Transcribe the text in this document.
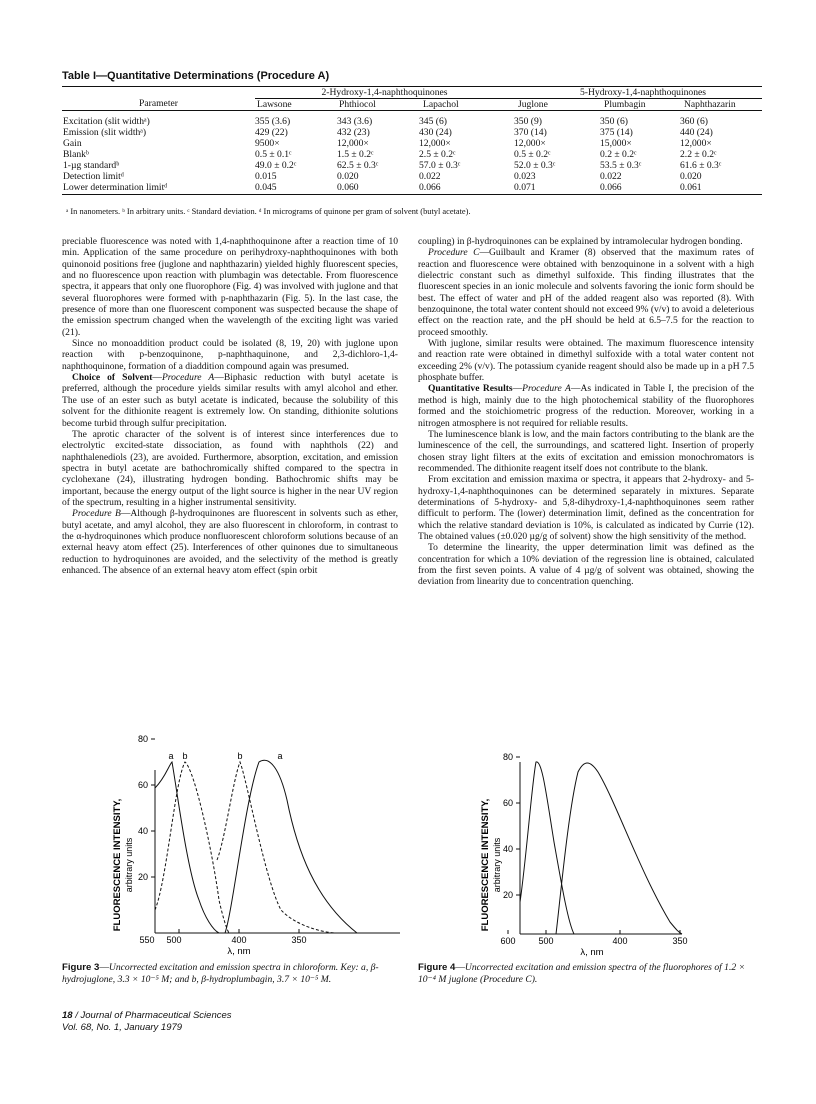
Table I—Quantitative Determinations (Procedure A)
Parameter	2-Hydroxy-1,4-naphthoquinones			5-Hydroxy-1,4-naphthoquinones		
	Lawsone	Phthiocol	Lapachol	Juglone	Plumbagin	Naphthazarin
Excitation (slit widthᵃ)	355 (3.6)	343 (3.6)	345 (6)	350 (9)	350 (6)	360 (6)
Emission (slit widthᵃ)	429 (22)	432 (23)	430 (24)	370 (14)	375 (14)	440 (24)
Gain	9500×	12,000×	12,000×	12,000×	15,000×	12,000×
Blankᵇ	0.5 ± 0.1ᶜ	1.5 ± 0.2ᶜ	2.5 ± 0.2ᶜ	0.5 ± 0.2ᶜ	0.2 ± 0.2ᶜ	2.2 ± 0.2ᶜ
1-µg standardᵇ	49.0 ± 0.2ᶜ	62.5 ± 0.3ᶜ	57.0 ± 0.3ᶜ	52.0 ± 0.3ᶜ	53.5 ± 0.3ᶜ	61.6 ± 0.3ᶜ
Detection limitᵈ	0.015	0.020	0.022	0.023	0.022	0.020
Lower determination limitᵈ	0.045	0.060	0.066	0.071	0.066	0.061
ᵃ In nanometers. ᵇ In arbitrary units. ᶜ Standard deviation. ᵈ In micrograms of quinone per gram of solvent (butyl acetate).

preciable fluorescence was noted with 1,4-naphthoquinone after a reaction time of 10 min. Application of the same procedure on perihydroxy-naphthoquinones with both quinonoid positions free (juglone and naphthazarin) yielded highly fluorescent species, and no fluorescence upon reaction with plumbagin was detectable. From fluorescence spectra, it appears that only one fluorophore (Fig. 4) was involved with juglone and that several fluorophores were formed with p-naphthazarin (Fig. 5). In the last case, the presence of more than one fluorescent component was suspected because the shape of the emission spectrum changed when the wavelength of the exciting light was varied (21).

Since no monoaddition product could be isolated (8, 19, 20) with juglone upon reaction with p-benzoquinone, p-naphthaquinone, and 2,3-dichloro-1,4-naphthoquinone, formation of a diaddition compound again was presumed.

Choice of Solvent—Procedure A—Biphasic reduction with butyl acetate is preferred, although the procedure yields similar results with amyl alcohol and ether. The use of an ester such as butyl acetate is indicated, because the solubility of this solvent for the dithionite reagent is extremely low. On standing, dithionite solutions become turbid through sulfur precipitation.

The aprotic character of the solvent is of interest since interferences due to electrolytic excited-state dissociation, as found with naphthols (22) and naphthalenediols (23), are avoided. Furthermore, absorption, excitation, and emission spectra in butyl acetate are bathochromically shifted compared to the spectra in cyclohexane (24), illustrating hydrogen bonding. Bathochromic shifts may be important, because the energy output of the light source is higher in the near UV region of the spectrum, resulting in a higher instrumental sensitivity.

Procedure B—Although β-hydroquinones are fluorescent in solvents such as ether, butyl acetate, and amyl alcohol, they are also fluorescent in chloroform, in contrast to the α-hydroquinones which produce nonfluorescent chloroform solutions because of an external heavy atom effect (25). Interferences of other quinones due to simultaneous reduction to hydroquinones are avoided, and the selectivity of the method is greatly enhanced. The absence of an external heavy atom effect (spin orbit

coupling) in β-hydroquinones can be explained by intramolecular hydrogen bonding.

Procedure C—Guilbault and Kramer (8) observed that the maximum rates of reaction and fluorescence were obtained with benzoquinone in a solvent with a high dielectric constant such as dimethyl sulfoxide. This finding illustrates that the fluorescent species in an ionic molecule and solvents favoring the ionic form should be best. The effect of water and pH of the added reagent also was reported (8). With benzoquinone, the total water content should not exceed 9% (v/v) to avoid a deleterious effect on the reaction rate, and the pH should be held at 6.5–7.5 for the reaction to proceed smoothly.

With juglone, similar results were obtained. The maximum fluorescence intensity and reaction rate were obtained in dimethyl sulfoxide with a total water content not exceeding 2% (v/v). The potassium cyanide reagent should also be made up in a pH 7.5 phosphate buffer.

Quantitative Results—Procedure A—As indicated in Table I, the precision of the method is high, mainly due to the high photochemical stability of the fluorophores formed and the stoichiometric progress of the reduction. Moreover, working in a nitrogen atmosphere is not required for reliable results.

The luminescence blank is low, and the main factors contributing to the blank are the luminescence of the cell, the surroundings, and scattered light. Insertion of properly chosen stray light filters at the exits of excitation and emission monochromators is recommended. The dithionite reagent itself does not contribute to the blank.

From excitation and emission maxima or spectra, it appears that 2-hydroxy- and 5-hydroxy-1,4-naphthoquinones can be determined separately in mixtures. Separate determinations of 5-hydroxy- and 5,8-dihydroxy-1,4-naphthoquinones seem rather difficult to perform. The (lower) determination limit, defined as the concentration for which the relative standard deviation is 10%, is calculated as indicated by Currie (12). The obtained values (±0.020 µg/g of solvent) show the high sensitivity of the method.

To determine the linearity, the upper determination limit was defined as the concentration for which a 10% deviation of the regression line is obtained, calculated from the first seven points. A value of 4 µg/g of solvent was obtained, showing the deviation from linearity due to concentration quenching.

20
40
60
80
550 500	400	350
λ, nm
a b	b	a
FLUORESCENCE INTENSITY, arbitrary units
Figure 3—Uncorrected excitation and emission spectra in chloroform. Key: a, β-hydrojuglone, 3.3 × 10⁻⁵ M; and b, β-hydroplumbagin, 3.7 × 10⁻⁵ M.
20
40
60
80
600	500	400	350
λ, nm
FLUORESCENCE INTENSITY, arbitrary units
Figure 4—Uncorrected excitation and emission spectra of the fluorophores of 1.2 × 10⁻⁴ M juglone (Procedure C).
18 / Journal of Pharmaceutical Sciences
Vol. 68, No. 1, January 1979
